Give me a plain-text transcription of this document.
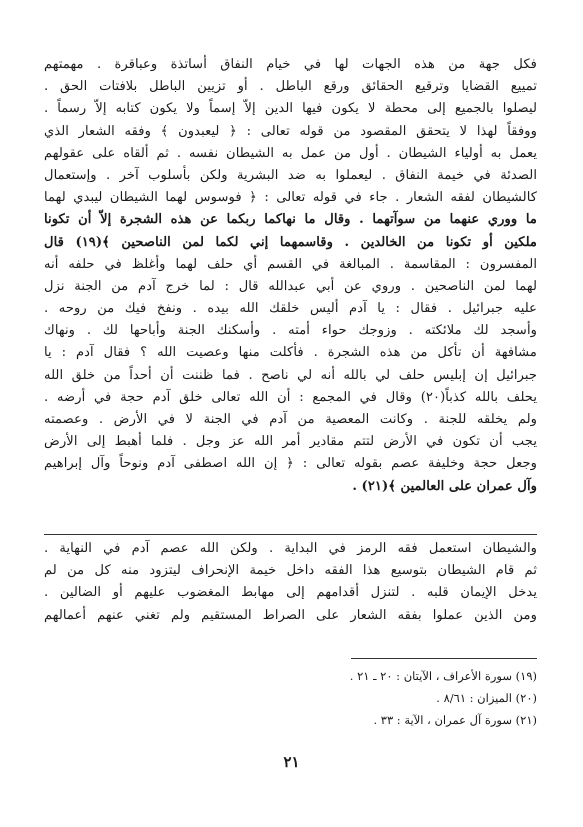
فكل جهة من هذه الجهات لها في خيام النفاق أساتذة وعباقرة . مهمتهم
تمييع القضايا وترقيع الحقائق ورقع الباطل . أو تزيين الباطل بلافتات الحق .
ليصلوا بالجميع إلى محطة لا يكون فيها الدين إلاّ إسماً ولا يكون كتابه إلاّ رسماً .
ووفقاً لهذا لا يتحقق المقصود من قوله تعالى : ﴿ ليعبدون ﴾ وفقه الشعار الذي
يعمل به أولياء الشيطان . أول من عمل به الشيطان نفسه . ثم ألقاه على عقولهم
الصدئة في خيمة النفاق . ليعملوا به ضد البشرية ولكن بأسلوب آخر . وإستعمال
كالشيطان لفقه الشعار . جاء في قوله تعالى : ﴿ فوسوس لهما الشيطان ليبدي لهما
ما ووري عنهما من سوآتهما . وقال ما نهاكما ربكما عن هذه الشجرة إلاّ أن تكونا
ملكين أو تكونا من الخالدين . وقاسمهما إني لكما لمن الناصحين ﴾(١٩) قال
المفسرون : المقاسمة . المبالغة في القسم أي حلف لهما وأغلظ في حلفه أنه
لهما لمن الناصحين . وروي عن أبي عبدالله قال : لما خرج آدم من الجنة نزل
عليه جبرائيل . فقال : يا آدم أليس خلقك الله بيده . ونفخ فيك من روحه .
وأسجد لك ملائكته . وزوجك حواء أمته . وأسكنك الجنة وأباحها لك . ونهاك
مشافهة أن تأكل من هذه الشجرة . فأكلت منها وعصيت الله ؟ فقال آدم : يا
جبرائيل إن إبليس حلف لي بالله أنه لي ناصح . فما ظننت أن أحداً من خلق الله
يحلف بالله كذباً(٢٠) وقال في المجمع : أن الله تعالى خلق آدم حجة في أرضه .
ولم يخلقه للجنة . وكانت المعصية من آدم في الجنة لا في الأرض . وعصمته
يجب أن تكون في الأرض لتتم مقادير أمر الله عز وجل . فلما أهبط إلى الأرض
وجعل حجة وخليفة عصم بقوله تعالى : ﴿ إن الله اصطفى آدم ونوحاً وآل إبراهيم
وآل عمران على العالمين ﴾(٢١) .
والشيطان استعمل فقه الرمز في البداية . ولكن الله عصم آدم في النهاية .
ثم قام الشيطان بتوسيع هذا الفقه داخل خيمة الإنحراف ليتزود منه كل من لم
يدخل الإيمان قلبه . لتنزل أقدامهم إلى مهابط المغضوب عليهم أو الضالين .
ومن الذين عملوا بفقه الشعار على الصراط المستقيم ولم تغني عنهم أعمالهم
(١٩) سورة الأعراف ، الآيتان : ٢٠ ـ ٢١ .
(٢٠) الميزان : ٨/٦١ .
(٢١) سورة آل عمران ، الآية : ٣٣ .
٢١
